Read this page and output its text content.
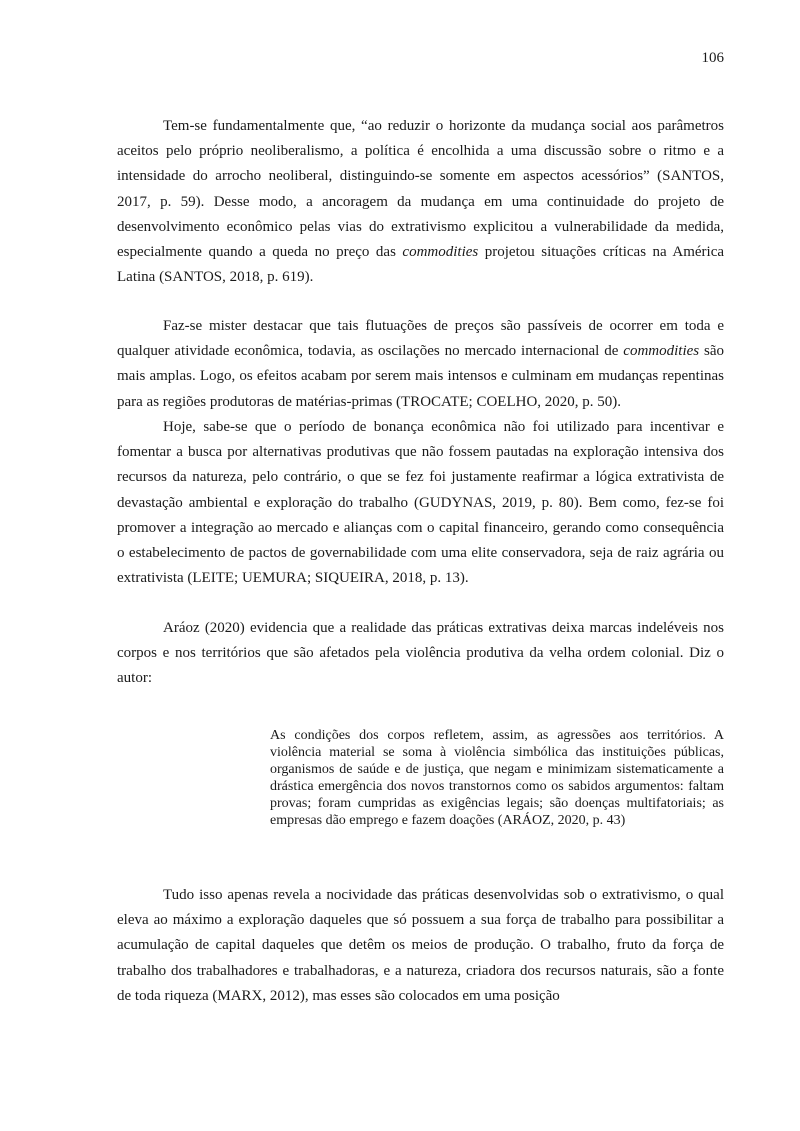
106

Tem-se fundamentalmente que, “ao reduzir o horizonte da mudança social aos parâmetros aceitos pelo próprio neoliberalismo, a política é encolhida a uma discussão sobre o ritmo e a intensidade do arrocho neoliberal, distinguindo-se somente em aspectos acessórios” (SANTOS, 2017, p. 59). Desse modo, a ancoragem da mudança em uma continuidade do projeto de desenvolvimento econômico pelas vias do extrativismo explicitou a vulnerabilidade da medida, especialmente quando a queda no preço das commodities projetou situações críticas na América Latina (SANTOS, 2018, p. 619).

Faz-se mister destacar que tais flutuações de preços são passíveis de ocorrer em toda e qualquer atividade econômica, todavia, as oscilações no mercado internacional de commodities são mais amplas. Logo, os efeitos acabam por serem mais intensos e culminam em mudanças repentinas para as regiões produtoras de matérias-primas (TROCATE; COELHO, 2020, p. 50).

Hoje, sabe-se que o período de bonança econômica não foi utilizado para incentivar e fomentar a busca por alternativas produtivas que não fossem pautadas na exploração intensiva dos recursos da natureza, pelo contrário, o que se fez foi justamente reafirmar a lógica extrativista de devastação ambiental e exploração do trabalho (GUDYNAS, 2019, p. 80). Bem como, fez-se foi promover a integração ao mercado e alianças com o capital financeiro, gerando como consequência o estabelecimento de pactos de governabilidade com uma elite conservadora, seja de raiz agrária ou extrativista (LEITE; UEMURA; SIQUEIRA, 2018, p. 13).

Aráoz (2020) evidencia que a realidade das práticas extrativas deixa marcas indeléveis nos corpos e nos territórios que são afetados pela violência produtiva da velha ordem colonial. Diz o autor:

As condições dos corpos refletem, assim, as agressões aos territórios. A violência material se soma à violência simbólica das instituições públicas, organismos de saúde e de justiça, que negam e minimizam sistematicamente a drástica emergência dos novos transtornos como os sabidos argumentos: faltam provas; foram cumpridas as exigências legais; são doenças multifatoriais; as empresas dão emprego e fazem doações (ARÁOZ, 2020, p. 43)

Tudo isso apenas revela a nocividade das práticas desenvolvidas sob o extrativismo, o qual eleva ao máximo a exploração daqueles que só possuem a sua força de trabalho para possibilitar a acumulação de capital daqueles que detêm os meios de produção. O trabalho, fruto da força de trabalho dos trabalhadores e trabalhadoras, e a natureza, criadora dos recursos naturais, são a fonte de toda riqueza (MARX, 2012), mas esses são colocados em uma posição
